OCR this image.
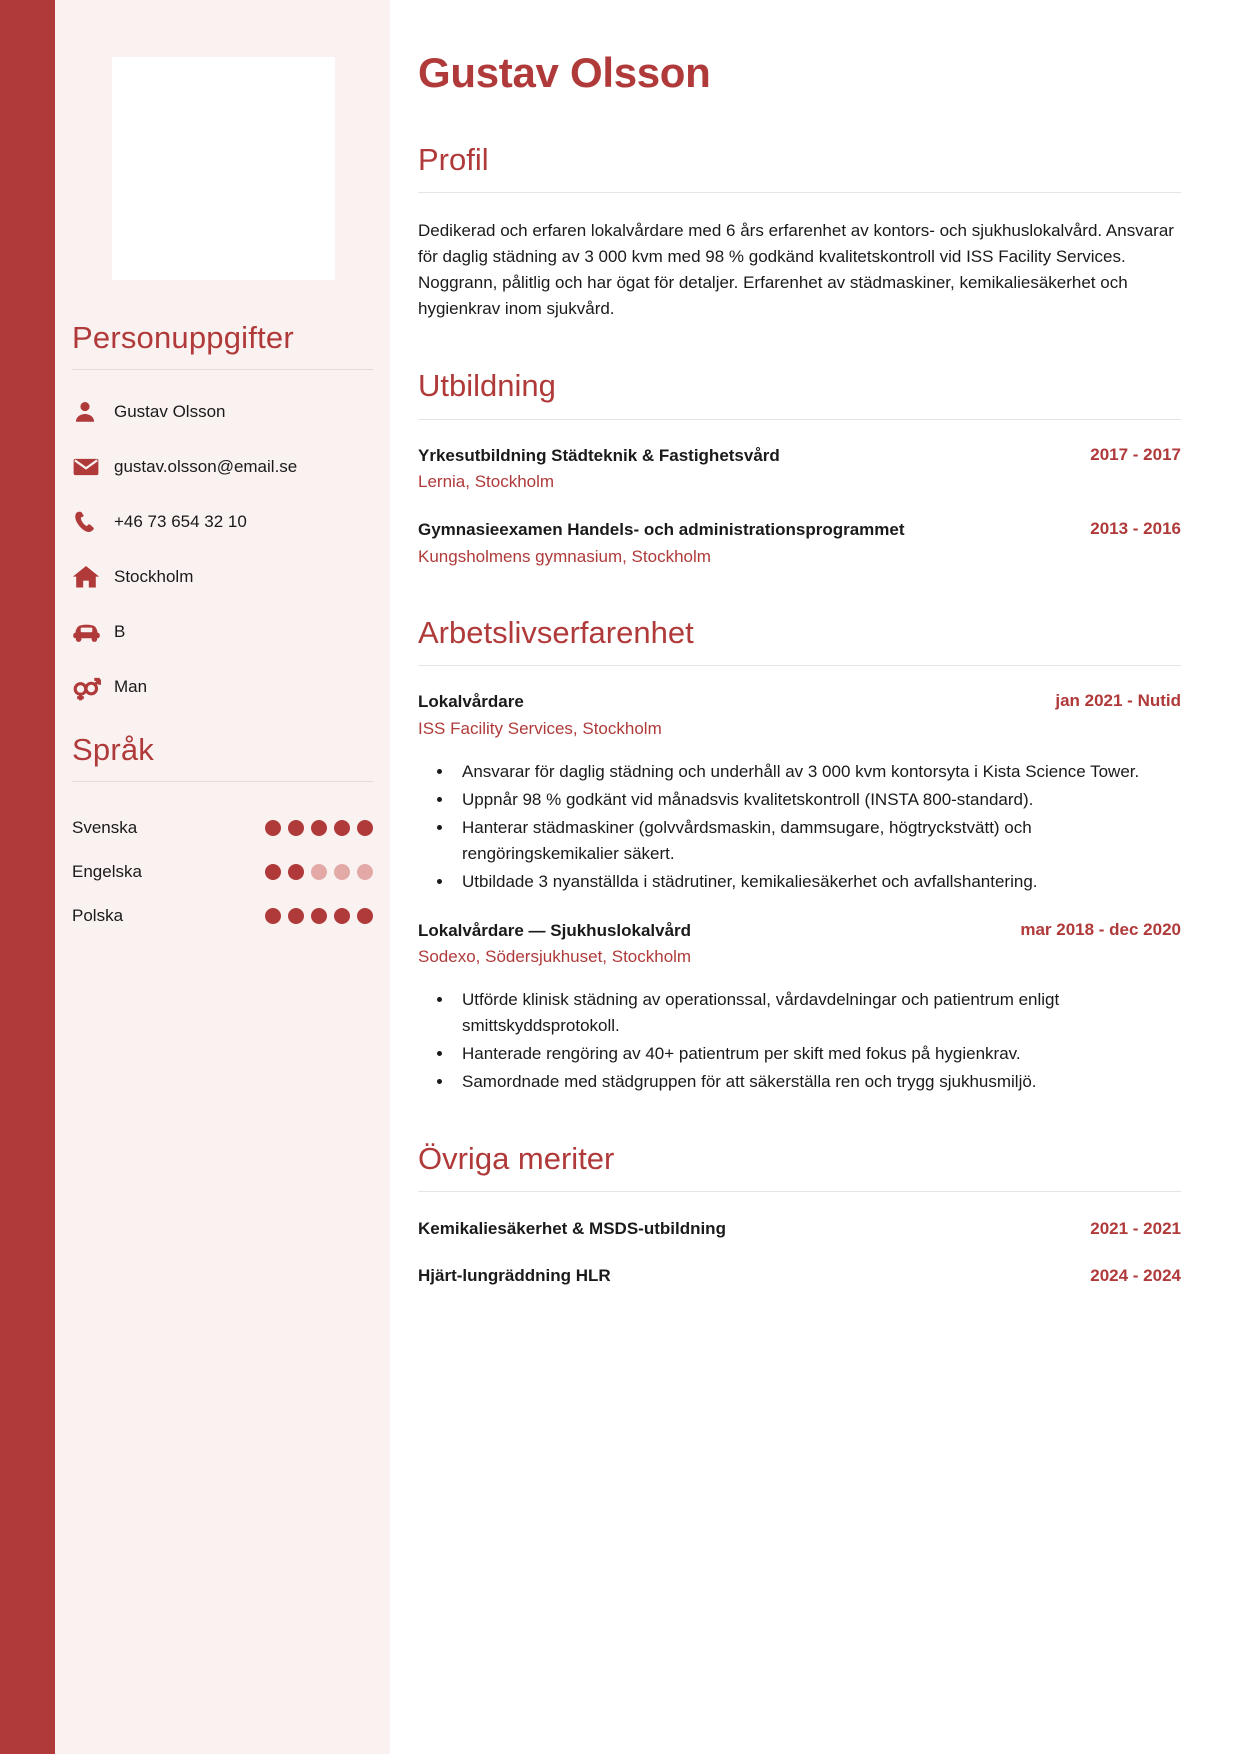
Personuppgifter
Gustav Olsson
gustav.olsson@email.se
+46 73 654 32 10
Stockholm
B
Man
Språk
Svenska
Engelska
Polska
Gustav Olsson
Profil

Dedikerad och erfaren lokalvårdare med 6 års erfarenhet av kontors- och sjukhuslokalvård. Ansvarar för daglig städning av 3 000 kvm med 98 % godkänd kvalitetskontroll vid ISS Facility Services. Noggrann, pålitlig och har ögat för detaljer. Erfarenhet av städmaskiner, kemikaliesäkerhet och hygienkrav inom sjukvård.

Utbildning
Yrkesutbildning Städteknik & Fastighetsvård	2017 - 2017
Lernia, Stockholm
Gymnasieexamen Handels- och administrationsprogrammet	2013 - 2016
Kungsholmens gymnasium, Stockholm
Arbetslivserfarenhet
Lokalvårdare	jan 2021 - Nutid
ISS Facility Services, Stockholm
• Ansvarar för daglig städning och underhåll av 3 000 kvm kontorsyta i Kista Science Tower.
• Uppnår 98 % godkänt vid månadsvis kvalitetskontroll (INSTA 800-standard).
• Hanterar städmaskiner (golvvårdsmaskin, dammsugare, högtryckstvätt) och rengöringskemikalier säkert.
• Utbildade 3 nyanställda i städrutiner, kemikaliesäkerhet och avfallshantering.
Lokalvårdare — Sjukhuslokalvård	mar 2018 - dec 2020
Sodexo, Södersjukhuset, Stockholm
• Utförde klinisk städning av operationssal, vårdavdelningar och patientrum enligt smittskyddsprotokoll.
• Hanterade rengöring av 40+ patientrum per skift med fokus på hygienkrav.
• Samordnade med städgruppen för att säkerställa ren och trygg sjukhusmiljö.
Övriga meriter
Kemikaliesäkerhet & MSDS-utbildning	2021 - 2021
Hjärt-lungräddning HLR	2024 - 2024
